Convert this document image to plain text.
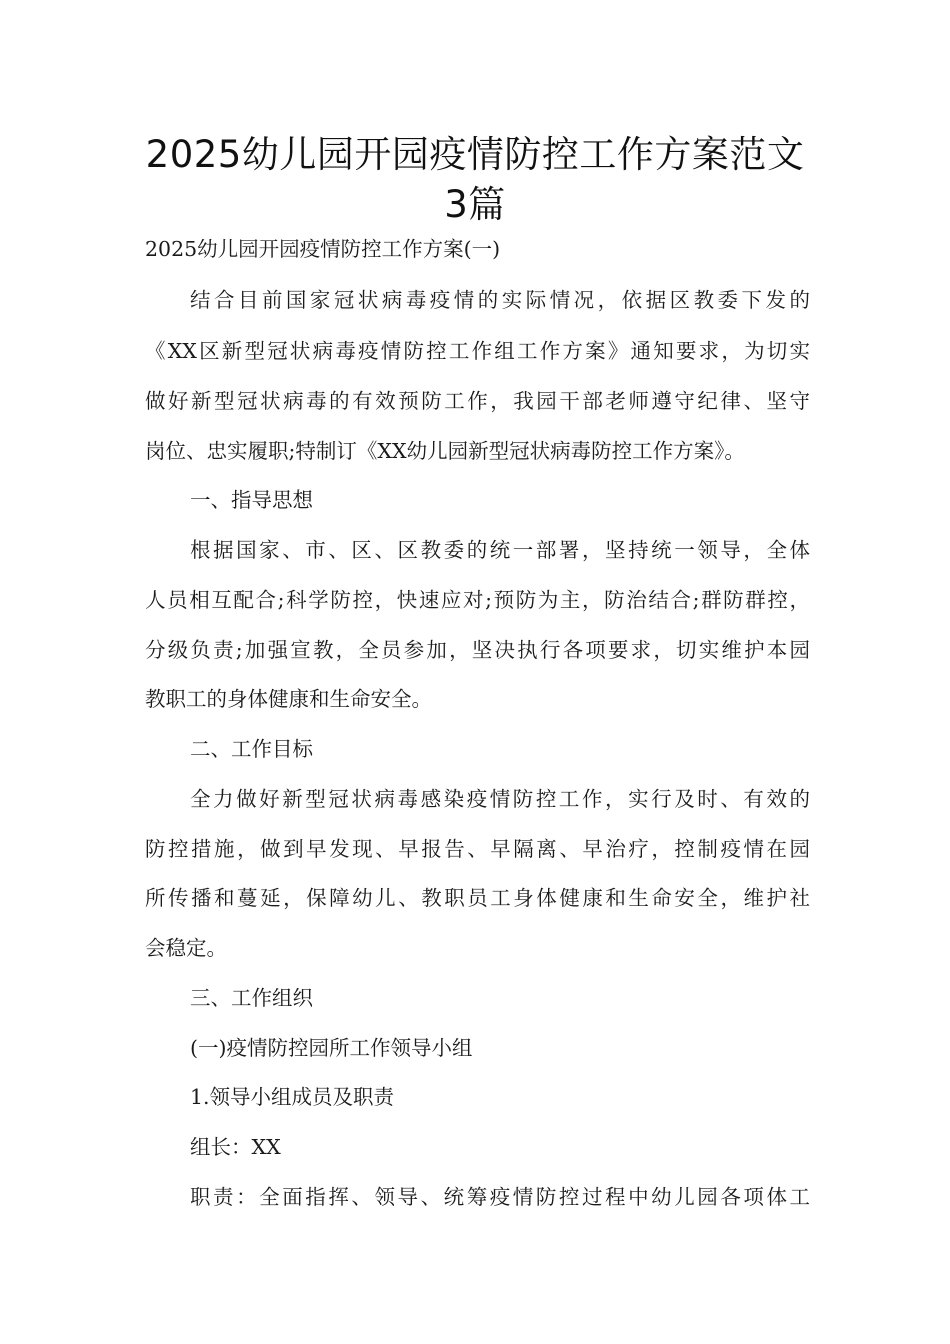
2025幼儿园开园疫情防控工作方案范文
3篇
2025幼儿园开园疫情防控工作方案(一)
结合目前国家冠状病毒疫情的实际情况，依据区教委下发的
《XX区新型冠状病毒疫情防控工作组工作方案》通知要求，为切实
做好新型冠状病毒的有效预防工作，我园干部老师遵守纪律、坚守
岗位、忠实履职;特制订《XX幼儿园新型冠状病毒防控工作方案》。
一、指导思想
根据国家、市、区、区教委的统一部署，坚持统一领导，全体
人员相互配合;科学防控，快速应对;预防为主，防治结合;群防群控，
分级负责;加强宣教，全员参加，坚决执行各项要求，切实维护本园
教职工的身体健康和生命安全。
二、工作目标
全力做好新型冠状病毒感染疫情防控工作，实行及时、有效的
防控措施，做到早发现、早报告、早隔离、早治疗，控制疫情在园
所传播和蔓延，保障幼儿、教职员工身体健康和生命安全，维护社
会稳定。
三、工作组织
(一)疫情防控园所工作领导小组
1.领导小组成员及职责
组长：XX
职责：全面指挥、领导、统筹疫情防控过程中幼儿园各项体工
